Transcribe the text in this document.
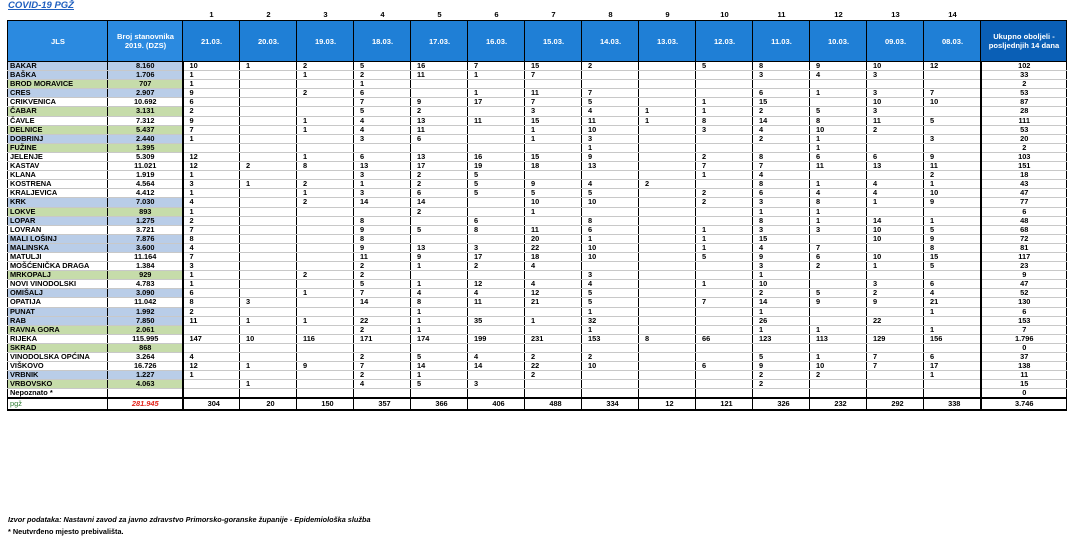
COVID-19 PGŽ
		1	2	3	4	5	6	7	8	9	10	11	12	13	14	
JLS	Broj stanovnika 2019. (DZS)	21.03.	20.03.	19.03.	18.03.	17.03.	16.03.	15.03.	14.03.	13.03.	12.03.	11.03.	10.03.	09.03.	08.03.	Ukupno oboljeli - posljednjih 14 dana
BAKAR	8.160	10	1	2	5	16	7	15	2		5	8	9	10	12	102
BAŠKA	1.706	1		1	2	11	1	7				3	4	3		33
BROD MORAVICE	707	1			1											2
CRES	2.907	9		2	6		1	11	7			6	1	3	7	53
CRIKVENICA	10.692	6			7	9	17	7	5		1	15		10	10	87
ČABAR	3.131	2			5	2		3	4	1	1	2	5	3		28
ČAVLE	7.312	9		1	4	13	11	15	11	1	8	14	8	11	5	111
DELNICE	5.437	7		1	4	11		1	10		3	4	10	2		53
DOBRINJ	2.440	1			3	6		1	3			2	1		3	20
FUŽINE	1.395								1				1			2
JELENJE	5.309	12		1	6	13	16	15	9		2	8	6	6	9	103
KASTAV	11.021	12	2	8	13	17	19	18	13		7	7	11	13	11	151
KLANA	1.919	1			3	2	5				1	4			2	18
KOSTRENA	4.564	3	1	2	1	2	5	9	4	2		8	1	4	1	43
KRALJEVICA	4.412	1		1	3	6	5	5	5		2	6	4	4	10	47
KRK	7.030	4		2	14	14		10	10		2	3	8	1	9	77
LOKVE	893	1				2		1				1	1			6
LOPAR	1.275	2			8		6		8			8	1	14	1	48
LOVRAN	3.721	7			9	5	8	11	6		1	3	3	10	5	68
MALI LOŠINJ	7.876	8			8			20	1		1	15		10	9	72
MALINSKA	3.600	4			9	13	3	22	10		1	4	7		8	81
MATULJI	11.164	7			11	9	17	18	10		5	9	6	10	15	117
MOŠĆENIČKA DRAGA	1.384	3			2	1	2	4				3	2	1	5	23
MRKOPALJ	929	1		2	2				3			1				9
NOVI VINODOLSKI	4.783	1			5	1	12	4	4		1	10		3	6	47
OMIŠALJ	3.090	6		1	7	4	4	12	5			2	5	2	4	52
OPATIJA	11.042	8	3		14	8	11	21	5		7	14	9	9	21	130
PUNAT	1.992	2				1			1			1			1	6
RAB	7.850	11	1	1	22	1	35	1	32			26		22		153
RAVNA GORA	2.061				2	1			1			1	1		1	7
RIJEKA	115.995	147	10	116	171	174	199	231	153	8	66	123	113	129	156	1.796
SKRAD	868															0
VINODOLSKA OPĆINA	3.264	4			2	5	4	2	2			5	1	7	6	37
VIŠKOVO	16.726	12	1	9	7	14	14	22	10		6	9	10	7	17	138
VRBNIK	1.227	1			2	1		2				2	2		1	11
VRBOVSKO	4.063		1		4	5	3					2				15
Nepoznato *																0
pgž	281.945	304	20	150	357	366	406	488	334	12	121	326	232	292	338	3.746
Izvor podataka: Nastavni zavod za javno zdravstvo Primorsko-goranske županije - Epidemiološka služba
* Neutvrđeno mjesto prebivališta.
